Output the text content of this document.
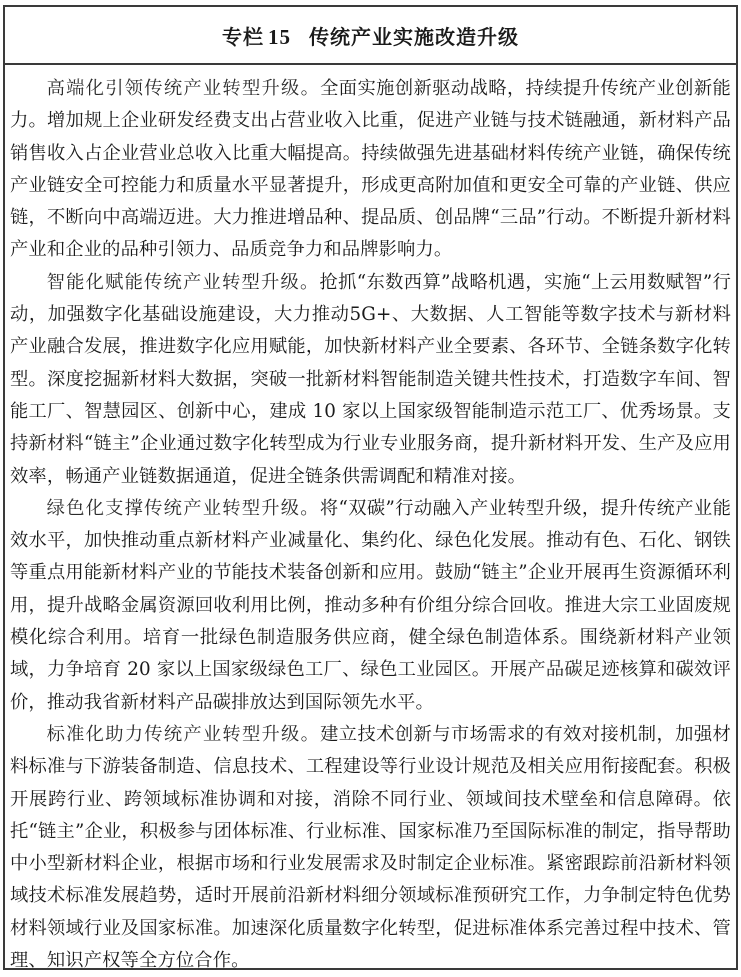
专栏 15 传统产业实施改造升级

高端化引领传统产业转型升级。全面实施创新驱动战略，持续提升传统产业创新能力。增加规上企业研发经费支出占营业收入比重，促进产业链与技术链融通，新材料产品销售收入占企业营业总收入比重大幅提高。持续做强先进基础材料传统产业链，确保传统产业链安全可控能力和质量水平显著提升，形成更高附加值和更安全可靠的产业链、供应链，不断向中高端迈进。大力推进增品种、提品质、创品牌“三品”行动。不断提升新材料产业和企业的品种引领力、品质竞争力和品牌影响力。

智能化赋能传统产业转型升级。抢抓“东数西算”战略机遇，实施“上云用数赋智”行动，加强数字化基础设施建设，大力推动5G+、大数据、人工智能等数字技术与新材料产业融合发展，推进数字化应用赋能，加快新材料产业全要素、各环节、全链条数字化转型。深度挖掘新材料大数据，突破一批新材料智能制造关键共性技术，打造数字车间、智能工厂、智慧园区、创新中心，建成 10 家以上国家级智能制造示范工厂、优秀场景。支持新材料“链主”企业通过数字化转型成为行业专业服务商，提升新材料开发、生产及应用效率，畅通产业链数据通道，促进全链条供需调配和精准对接。

绿色化支撑传统产业转型升级。将“双碳”行动融入产业转型升级，提升传统产业能效水平，加快推动重点新材料产业减量化、集约化、绿色化发展。推动有色、石化、钢铁等重点用能新材料产业的节能技术装备创新和应用。鼓励“链主”企业开展再生资源循环利用，提升战略金属资源回收利用比例，推动多种有价组分综合回收。推进大宗工业固废规模化综合利用。培育一批绿色制造服务供应商，健全绿色制造体系。围绕新材料产业领域，力争培育 20 家以上国家级绿色工厂、绿色工业园区。开展产品碳足迹核算和碳效评价，推动我省新材料产品碳排放达到国际领先水平。

标准化助力传统产业转型升级。建立技术创新与市场需求的有效对接机制，加强材料标准与下游装备制造、信息技术、工程建设等行业设计规范及相关应用衔接配套。积极开展跨行业、跨领域标准协调和对接，消除不同行业、领域间技术壁垒和信息障碍。依托“链主”企业，积极参与团体标准、行业标准、国家标准乃至国际标准的制定，指导帮助中小型新材料企业，根据市场和行业发展需求及时制定企业标准。紧密跟踪前沿新材料领域技术标准发展趋势，适时开展前沿新材料细分领域标准预研究工作，力争制定特色优势材料领域行业及国家标准。加速深化质量数字化转型，促进标准体系完善过程中技术、管理、知识产权等全方位合作。
